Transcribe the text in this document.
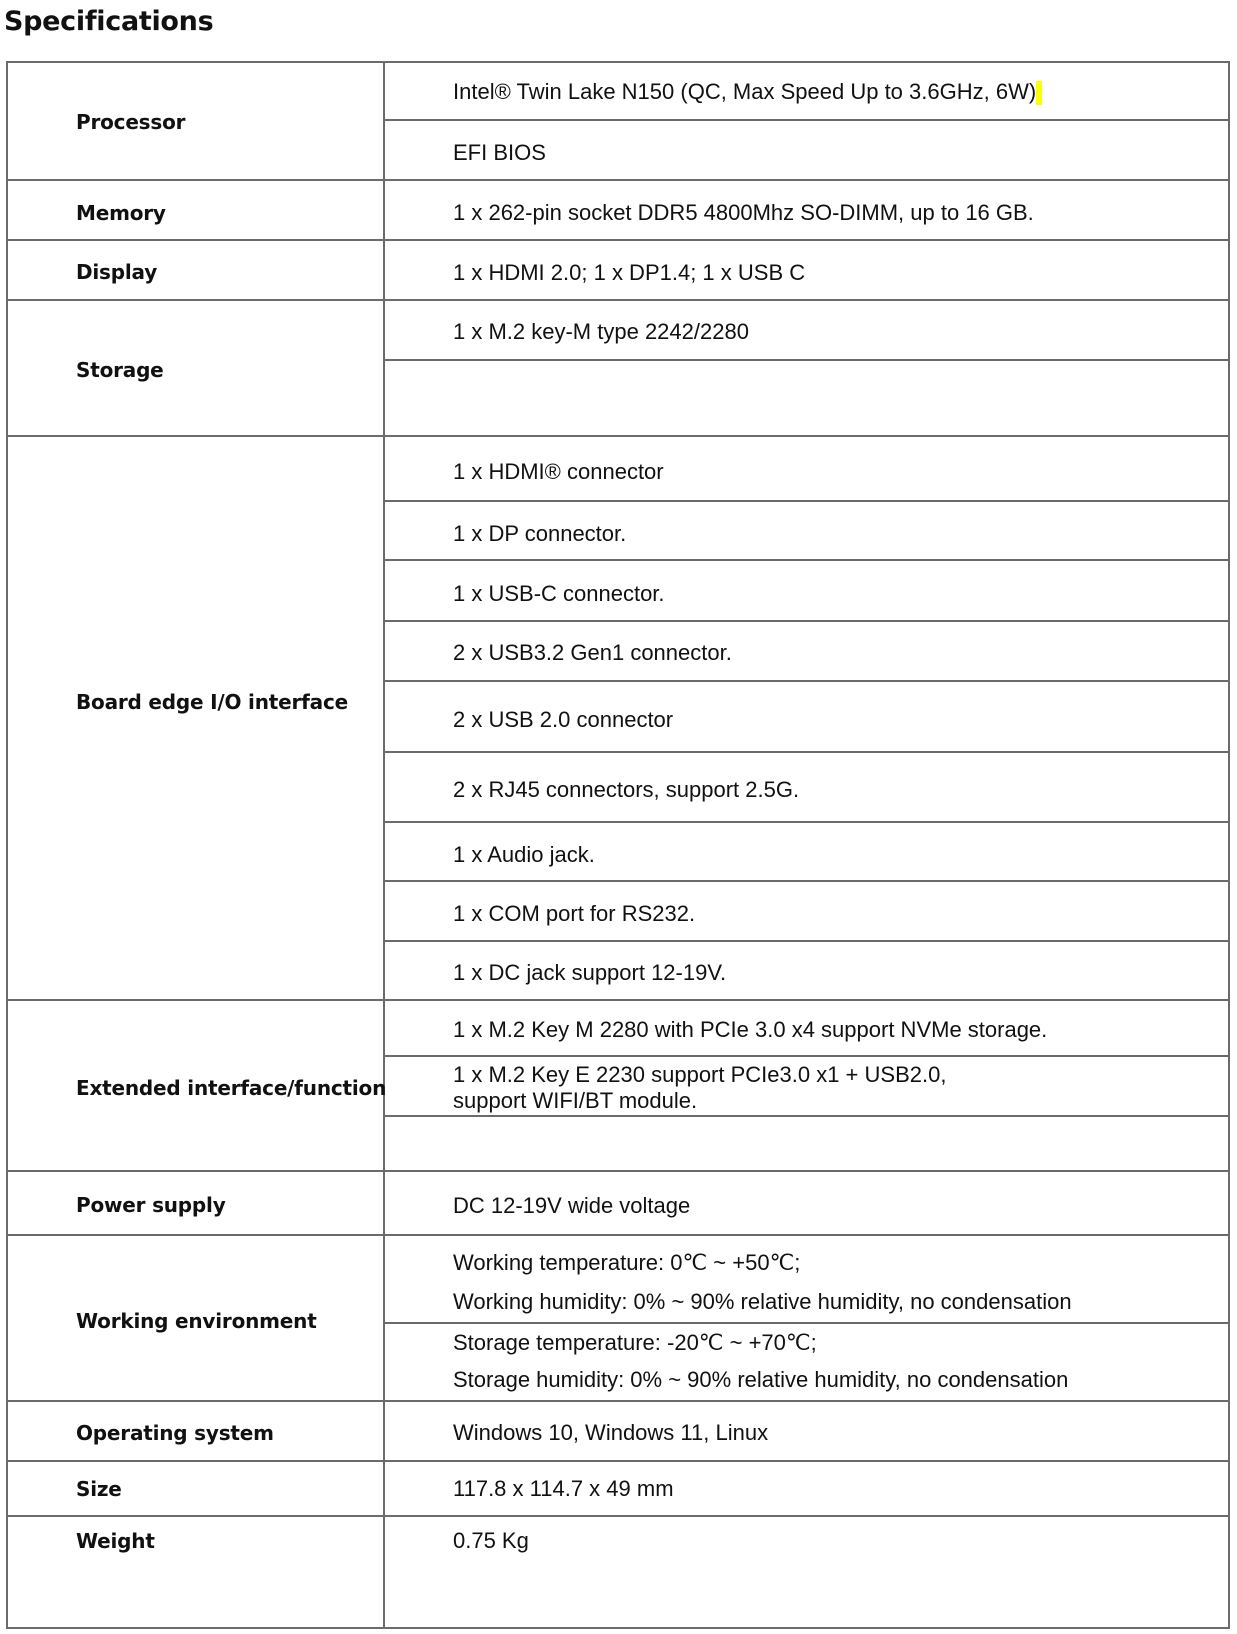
Specifications
Processor
Memory
Display
Storage
Board edge I/O interface
Extended interface/function
Power supply
Working environment
Operating system
Size
Weight
Intel® Twin Lake N150 (QC, Max Speed Up to 3.6GHz, 6W)
EFI BIOS
1 x 262-pin socket DDR5 4800Mhz SO-DIMM, up to 16 GB.
1 x HDMI 2.0; 1 x DP1.4; 1 x USB C
1 x M.2 key-M type 2242/2280
1 x HDMI® connector
1 x DP connector.
1 x USB-C connector.
2 x USB3.2 Gen1 connector.
2 x USB 2.0 connector
2 x RJ45 connectors, support 2.5G.
1 x Audio jack.
1 x COM port for RS232.
1 x DC jack support 12-19V.
1 x M.2 Key M 2280 with PCIe 3.0 x4 support NVMe storage.
1 x M.2 Key E 2230 support PCIe3.0 x1 + USB2.0,
support WIFI/BT module.
DC 12-19V wide voltage
Working temperature: 0℃ ~ +50℃;
Working humidity: 0% ~ 90% relative humidity, no condensation
Storage temperature: -20℃ ~ +70℃;
Storage humidity: 0% ~ 90% relative humidity, no condensation
Windows 10, Windows 11, Linux
117.8 x 114.7 x 49 mm
0.75 Kg
